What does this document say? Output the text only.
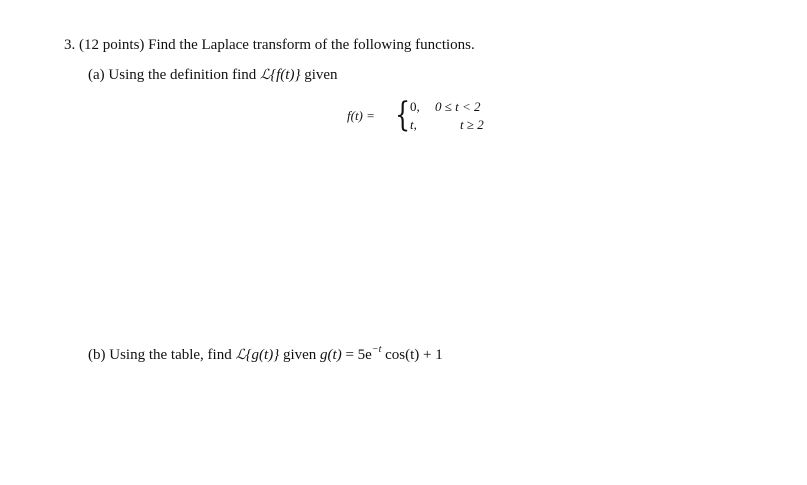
3. (12 points) Find the Laplace transform of the following functions.
(a) Using the definition find ℒ{f(t)} given
f(t) = { 0, 0 ≤ t < 2
t,	t ≥ 2
(b) Using the table, find ℒ{g(t)} given $g(t) = 5e^{-t}$ cos(t) + 1
